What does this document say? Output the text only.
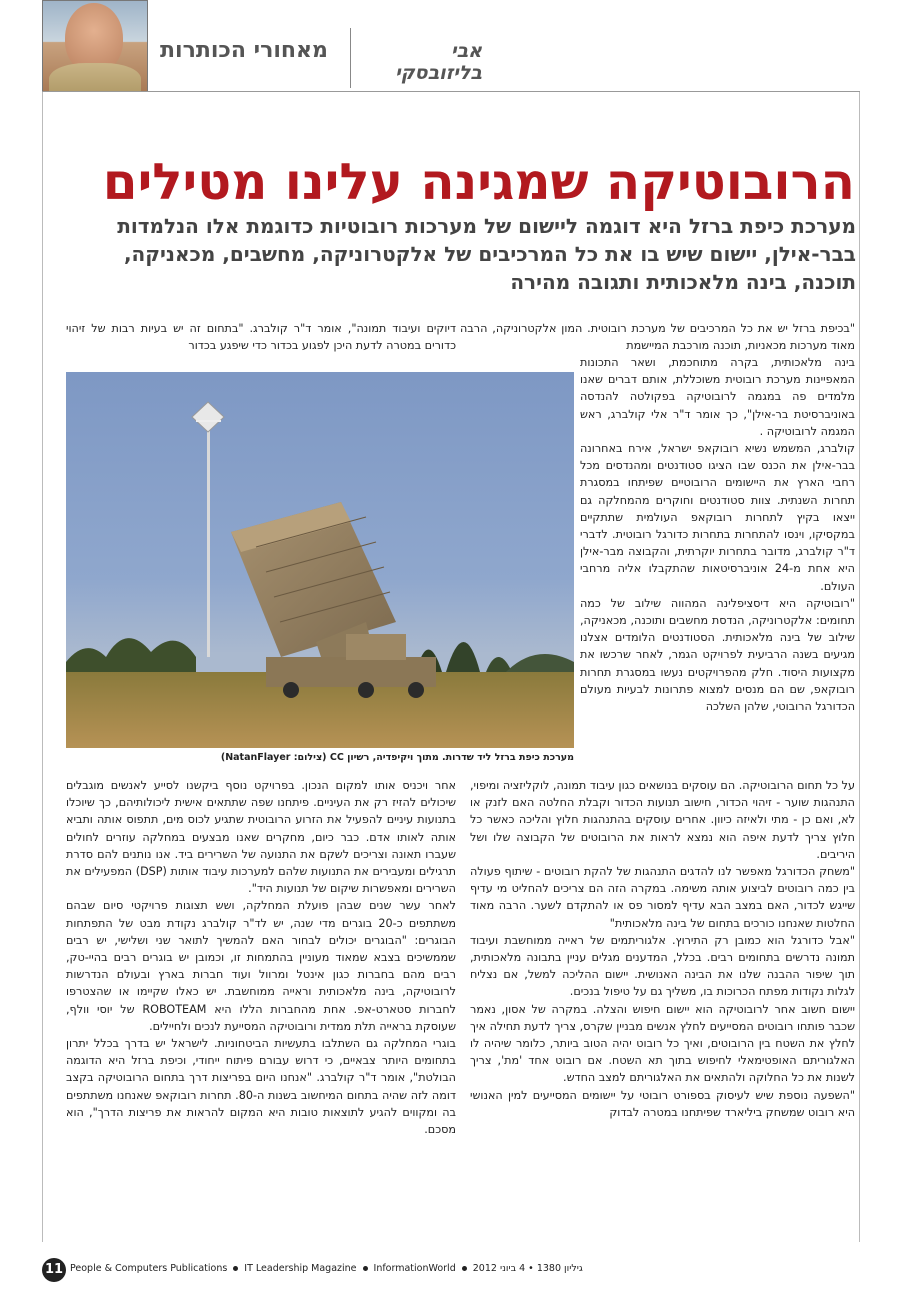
מאחורי הכותרות	אבי בליזובסקי
הרובוטיקה שמגינה עלינו מטילים
מערכת כיפת ברזל היא דוגמה ליישום של מערכות רובוטיות כדוגמת אלו הנלמדות בבר-אילן, יישום שיש בו את כל המרכיבים של אלקטרוניקה, מחשבים, מכאניקה, תוכנה, בינה מלאכותית ותגובה מהירה

"בכיפת ברזל יש את כל המרכיבים של מערכת רובוטית. המון אלקטרוניקה, הרבה מאוד מערכות מכאניות, תוכנה מורכבת המיישמת

בינה מלאכותית, בקרה מתוחכמת, ושאר התכונות המאפיינות מערכת רובוטית משוכללת, אותם דברים שאנו מלמדים פה במגמה לרובוטיקה בפקולטה להנדסה באוניברסיטת בר-אילן", כך אומר ד"ר אלי קולברג, ראש המגמה לרובוטיקה .

קולברג, המשמש נשיא רובוקאפ ישראל, אירח באחרונה בבר-אילן את הכנס שבו הציגו סטודנטים ומהנדסים מכל רחבי הארץ את היישומים הרובוטיים שפיתחו במסגרת תחרות השנתית. צוות סטודנטים וחוקרים מהמחלקה גם ייצאו בקיץ לתחרות רובוקאפ העולמית שתתקיים במקסיקו, וינסו להתחרות בתחרות כדורגל רובוטית. לדברי ד"ר קולברג, מדובר בתחרות יוקרתית, והקבוצה מבר-אילן היא אחת מ-24 אוניברסיטאות שהתקבלו אליה מרחבי העולם.

"רובוטיקה היא דיסציפלינה המהווה שילוב של כמה תחומים: אלקטרוניקה, הנדסת מחשבים ותוכנה, מכאניקה, שילוב של בינה מלאכותית. הסטודנטים הלומדים אצלנו מגיעים בשנה הרביעית לפרויקט הגמר, לאחר שרכשו את מקצועות היסוד. חלק מהפרויקטים נעשו במסגרת תחרות רובוקאפ, שם הם מנסים למצוא פתרונות לבעיות מעולם הכדורגל הרובוטי, שלהן השלכה

דיוקים ועיבוד תמונה", אומר ד"ר קולברג. "בתחום זה יש בעיות רבות של זיהוי כדורים במטרה לדעת היכן לפגוע בכדור כדי שיפגע בכדור

מערכת כיפת ברזל ליד שדרות. מתוך ויקיפדיה, רשיון CC (צילום: NatanFlayer)

על כל תחום הרובוטיקה. הם עוסקים בנושאים כגון עיבוד תמונה, לוקליזציה ומיפוי, התנהגות שוער - זיהוי הכדור, חישוב תנועות הכדור וקבלת החלטה האם לזנק או לא, ואם כן - מתי ולאיזה כיוון. אחרים עוסקים בהתנהגות חלוץ והליכה כאשר כל חלוץ צריך לדעת איפה הוא נמצא לראות את הרובוטים של הקבוצה שלו ושל היריבים.

"משחק הכדורגל מאפשר לנו להדגים התנהגות של להקת רובוטים - שיתוף פעולה בין כמה רובוטים לביצוע אותה משימה. במקרה הזה הם צריכים להחליט מי עדיף שייגש לכדור, האם במצב הבא עדיף למסור פס או להתקדם לשער. הרבה מאוד החלטות שאנחנו כורכים בתחום של בינה מלאכותית"

"אבל כדורגל הוא כמובן רק התירוץ. אלגוריתמים של ראייה ממוחשבת ועיבוד תמונה נדרשים בתחומים רבים. בכלל, המדענים מגלים עניין בתבונה מלאכותית, תוך שיפור ההבנה שלנו את הבינה האנושית. יישום ההליכה למשל, אם נצליח לגלות נקודות מפתח הכרוכות בו, משליך גם על טיפול בנכים.

יישום חשוב אחר לרובוטיקה הוא יישום חיפוש והצלה. במקרה של אסון, נאמר שכבר פותחו רובוטים המסייעים לחלץ אנשים מבניין שקרס, צריך לדעת תחילה איך לחלץ את השטח בין הרובוטים, ואיך כל רובוט יהיה הטוב ביותר, כלומר שיהיה לו האלגוריתם האופטימאלי לחיפוש בתוך תא השטח. אם רובוט אחד 'מת', צריך לשנות את כל החלוקה ולהתאים את האלגוריתם למצב החדש.

"השפעה נוספת שיש לעיסוק בספורט רובוטי על יישומים המסייעים למין האנושי היא רובוט שמשחק ביליארד שפיתחנו במטרה לבדוק

אחר ויכניס אותו למקום הנכון. בפרויקט נוסף ביקשנו לסייע לאנשים מוגבלים שיכולים להזיז רק את העיניים. פיתחנו שפה שתתאים אישית ליכולותיהם, כך שיוכלו בתנועות עיניים להפעיל את הזרוע הרובוטית שתגיע לכוס מים, תתפוס אותה ותביא אותה לאותו אדם. כבר כיום, מחקרים שאנו מבצעים במחלקה עוזרים לחולים שעברו תאונה וצריכים לשקם את התנועה של השרירים ביד. אנו נותנים להם סדרת תרגילים ומעבירים את התנועות שלהם למערכות עיבוד אותות (DSP) המפעילים את השרירים ומאפשרות שיקום של תנועות היד".

לאחר עשר שנים שבהן פועלת המחלקה, ושש תצוגות פרויקטי סיום שבהם משתתפים כ-20 בוגרים מדי שנה, יש לד"ר קולברג נקודת מבט של התפתחות הבוגרים: "הבוגרים יכולים לבחור האם להמשיך לתואר שני ושלישי, יש רבים שממשיכים בצבא שמאוד מעוניין בהתמחות זו, וכמובן יש בוגרים רבים בהיי-טק, רבים מהם בחברות כגון אינטל ומרוול ועוד חברות בארץ ובעולם הנדרשות לרובוטיקה, בינה מלאכותית וראייה ממוחשבת. יש כאלו שקיימו או שהצטרפו לחברות סטארט-אפ. אחת מהחברות הללו היא ROBOTEAM של יוסי וולף, שעוסקת בראייה תלת ממדית ורובוטיקה המסייעת לנכים ולחיילים.

בוגרי המחלקה גם השתלבו בתעשיות הביטחוניות. לישראל יש בדרך בכלל יתרון בתחומים היותר צבאיים, כי דרוש עבורם פיתוח ייחודי, וכיפת ברזל היא הדוגמה הבולטת", אומר ד"ר קולברג. "אנחנו היום בפריצות דרך בתחום הרובוטיקה בקצב דומה לזה שהיה בתחום המיחשוב בשנות ה-80. תחרות רובוקאפ שאנחנו משתתפים בה ומקווים להגיע לתוצאות טובות היא המקום להראות את פריצות הדרך", הוא מסכם.

11 People & Computers Publications IT Leadership Magazine InformationWorld גיליון 1380 • 4 ביוני 2012
